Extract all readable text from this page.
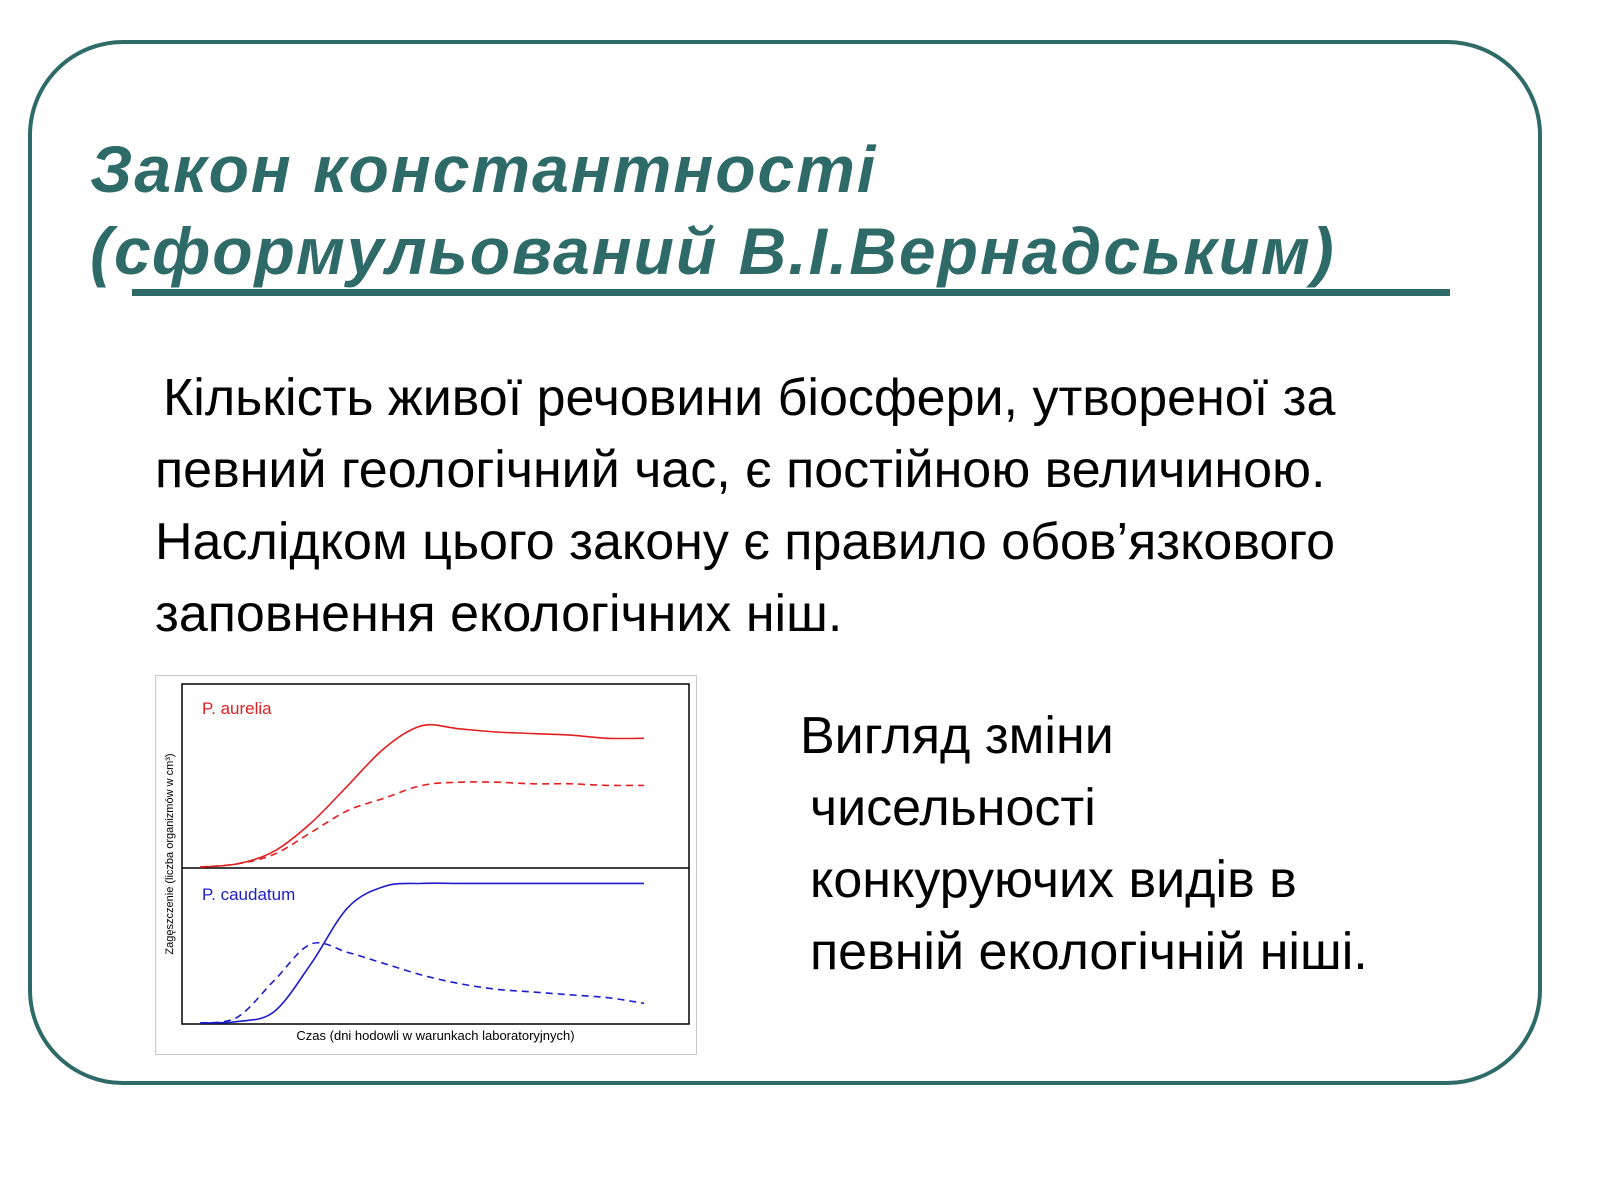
Закон константності
(сформульований В.І.Вернадським)

Кількість живої речовини біосфери, утвореної за
певний геологічний час, є постійною величиною.
Наслідком цього закону є правило обов’язкового
заповнення екологічних ніш.

Czas (dni hodowli w warunkach laboratoryjnych)
Zagęszczenie (liczba organizmów w cm³)
P. aurelia
P. caudatum

Вигляд зміни
чисельності
конкуруючих видів в
певній екологічній ніші.
